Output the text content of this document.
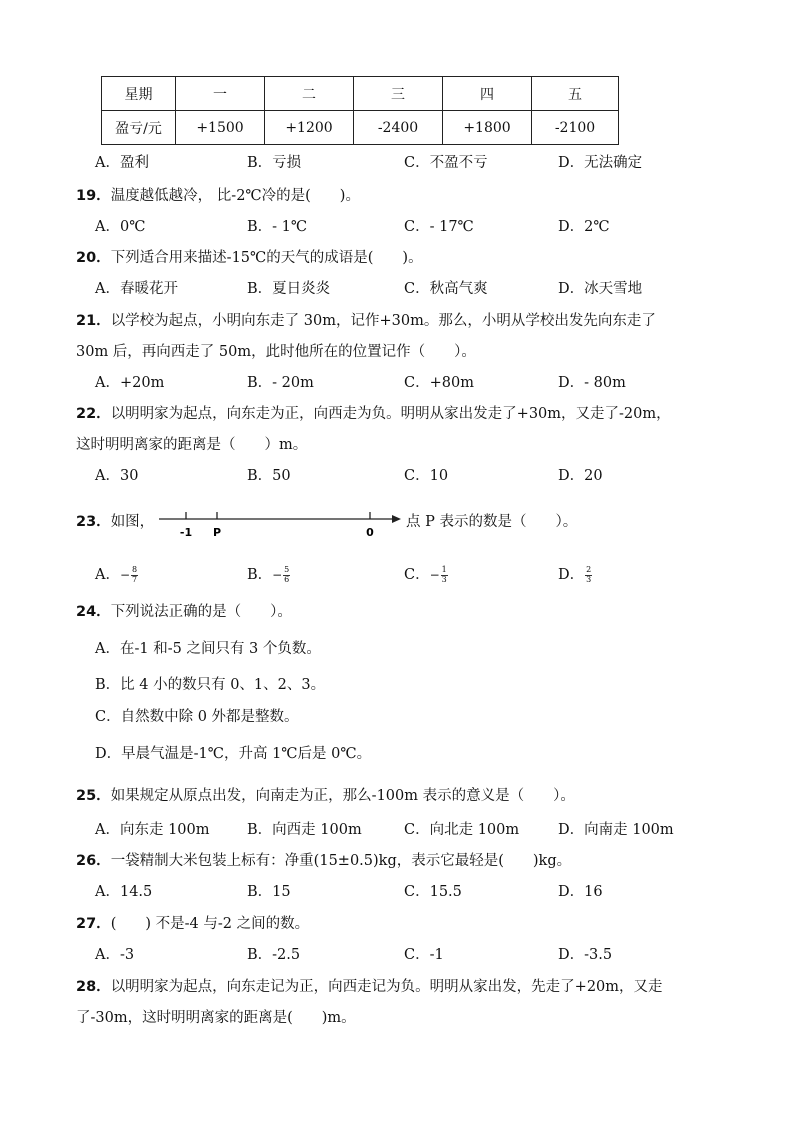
星期	一	二	三	四	五
盈亏/元	+1500	+1200	-2400	+1800	-2100
A．盈利	B．亏损	C．不盈不亏	D．无法确定
19．温度越低越冷， 比-2℃冷的是(　　)。
A．0℃	B．- 1℃	C．- 17℃	D．2℃
20．下列适合用来描述-15℃的天气的成语是(　　)。
A．春暖花开	B．夏日炎炎	C．秋高气爽	D．冰天雪地
21．以学校为起点，小明向东走了 30m，记作+30m。那么，小明从学校出发先向东走了
30m 后，再向西走了 50m，此时他所在的位置记作（　　）。
A．+20m	B．- 20m	C．+80m	D．- 80m
22．以明明家为起点，向东走为正，向西走为负。明明从家出发走了+30m，又走了-20m，
这时明明离家的距离是（　　）m。
A．30	B．50	C．10	D．20
23．如图，
-1 P	0
点 P 表示的数是（　　）。
A．− $\frac{8}{7}$	B．− $\frac{5}{6}$	C．− $\frac{1}{3}$	D． $\frac{2}{3}$
24．下列说法正确的是（　　）。
A．在-1 和-5 之间只有 3 个负数。
B．比 4 小的数只有 0、1、2、3。
C．自然数中除 0 外都是整数。
D．早晨气温是-1℃，升高 1℃后是 0℃。
25．如果规定从原点出发，向南走为正，那么-100m 表示的意义是（　　）。
A．向东走 100m	B．向西走 100m	C．向北走 100m	D．向南走 100m
26．一袋精制大米包装上标有：净重(15±0.5)kg，表示它最轻是(　　)kg。
A．14.5	B．15	C．15.5	D．16
27．(　　) 不是-4 与-2 之间的数。
A．-3	B．-2.5	C．-1	D．-3.5
28．以明明家为起点，向东走记为正，向西走记为负。明明从家出发，先走了+20m，又走
了-30m，这时明明离家的距离是(　　)m。
